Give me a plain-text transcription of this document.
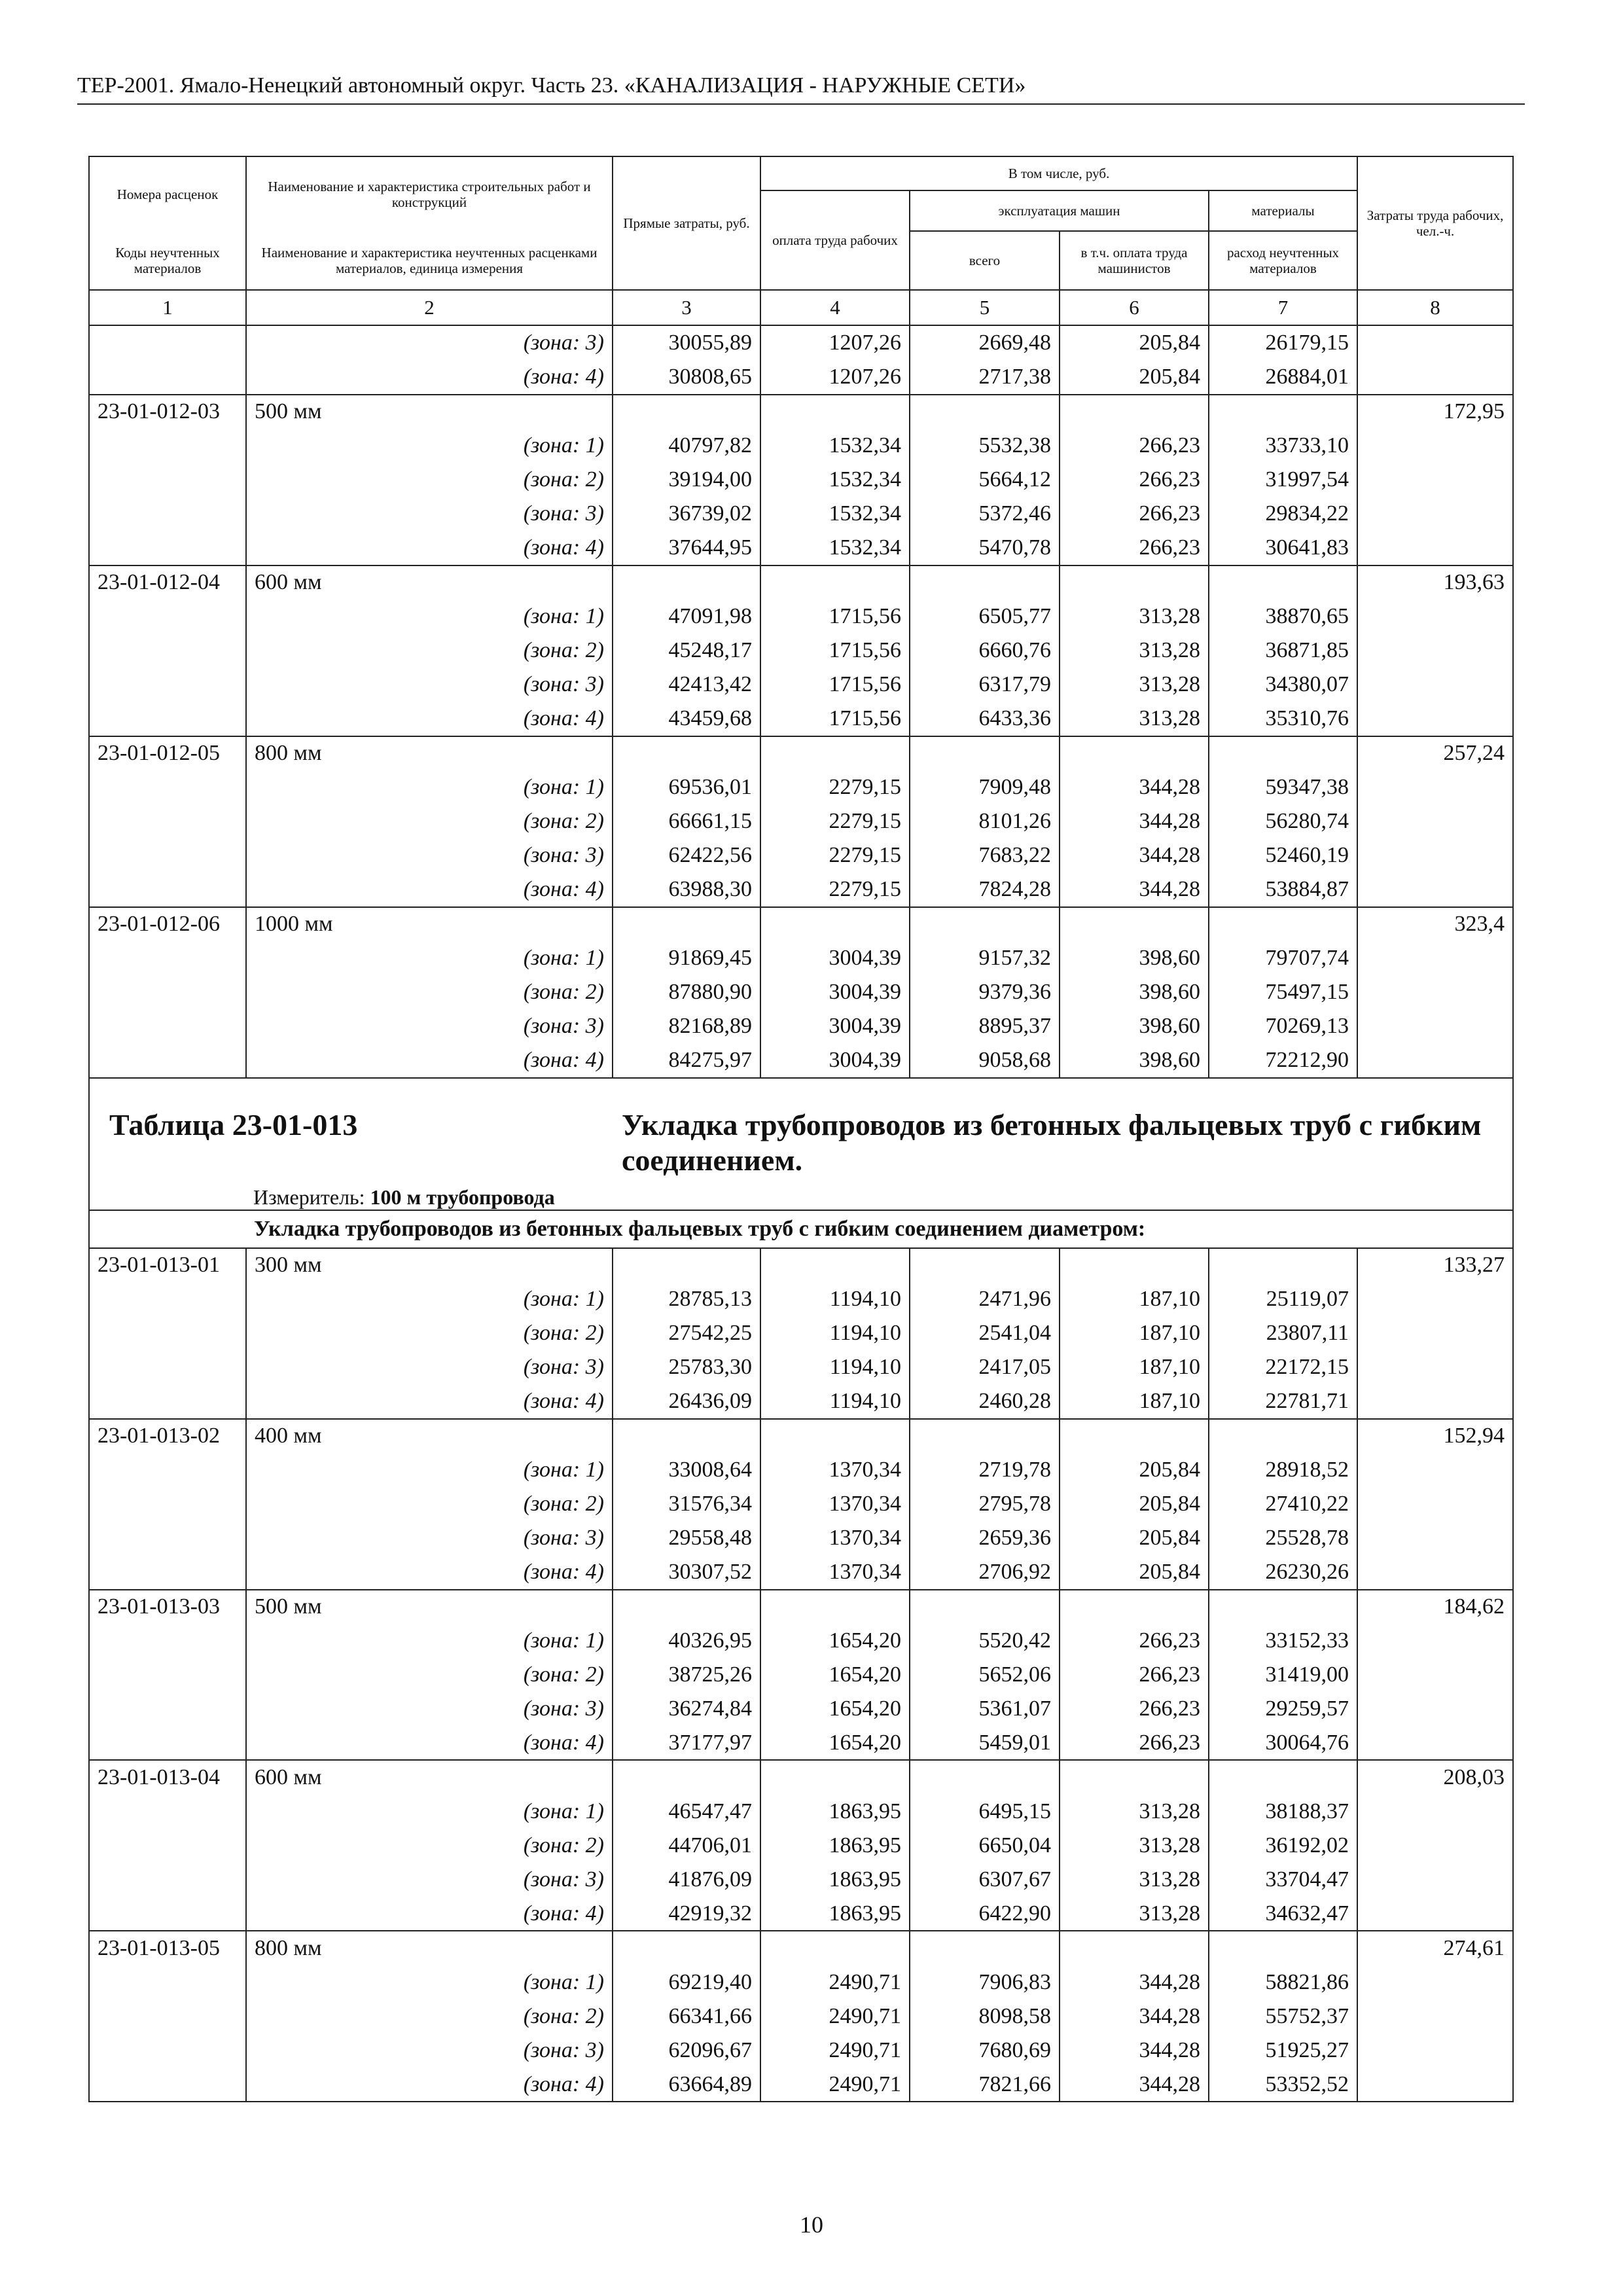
ТЕР-2001. Ямало-Ненецкий автономный округ. Часть 23. «КАНАЛИЗАЦИЯ - НАРУЖНЫЕ СЕТИ»
Номера расценок	Наименование и характеристика строительных работ и конструкций	Прямые затраты, руб.	В том числе, руб.				Затраты труда рабочих, чел.-ч.
			оплата труда рабочих	эксплуатация машин		материалы	
Коды неучтенных материалов	Наименование и характеристика неучтенных расценками материалов, единица измерения			всего	в т.ч. оплата труда машинистов	расход неучтенных материалов	
1	2	3	4	5	6	7	8
	(зона: 3)	30055,89	1207,26	2669,48	205,84	26179,15	
	(зона: 4)	30808,65	1207,26	2717,38	205,84	26884,01	
23-01-012-03	500 мм						172,95
	(зона: 1)	40797,82	1532,34	5532,38	266,23	33733,10	
	(зона: 2)	39194,00	1532,34	5664,12	266,23	31997,54	
	(зона: 3)	36739,02	1532,34	5372,46	266,23	29834,22	
	(зона: 4)	37644,95	1532,34	5470,78	266,23	30641,83	
23-01-012-04	600 мм						193,63
	(зона: 1)	47091,98	1715,56	6505,77	313,28	38870,65	
	(зона: 2)	45248,17	1715,56	6660,76	313,28	36871,85	
	(зона: 3)	42413,42	1715,56	6317,79	313,28	34380,07	
	(зона: 4)	43459,68	1715,56	6433,36	313,28	35310,76	
23-01-012-05	800 мм						257,24
	(зона: 1)	69536,01	2279,15	7909,48	344,28	59347,38	
	(зона: 2)	66661,15	2279,15	8101,26	344,28	56280,74	
	(зона: 3)	62422,56	2279,15	7683,22	344,28	52460,19	
	(зона: 4)	63988,30	2279,15	7824,28	344,28	53884,87	
23-01-012-06	1000 мм						323,4
	(зона: 1)	91869,45	3004,39	9157,32	398,60	79707,74	
	(зона: 2)	87880,90	3004,39	9379,36	398,60	75497,15	
	(зона: 3)	82168,89	3004,39	8895,37	398,60	70269,13	
	(зона: 4)	84275,97	3004,39	9058,68	398,60	72212,90	

Таблица 23-01-013 Укладка трубопроводов из бетонных фальцевых труб с гибким соединением.
Измеритель: 100 м трубопровода							

	Укладка трубопроводов из бетонных фальцевых труб с гибким соединением диаметром:						
23-01-013-01	300 мм						133,27
	(зона: 1)	28785,13	1194,10	2471,96	187,10	25119,07	
	(зона: 2)	27542,25	1194,10	2541,04	187,10	23807,11	
	(зона: 3)	25783,30	1194,10	2417,05	187,10	22172,15	
	(зона: 4)	26436,09	1194,10	2460,28	187,10	22781,71	
23-01-013-02	400 мм						152,94
	(зона: 1)	33008,64	1370,34	2719,78	205,84	28918,52	
	(зона: 2)	31576,34	1370,34	2795,78	205,84	27410,22	
	(зона: 3)	29558,48	1370,34	2659,36	205,84	25528,78	
	(зона: 4)	30307,52	1370,34	2706,92	205,84	26230,26	
23-01-013-03	500 мм						184,62
	(зона: 1)	40326,95	1654,20	5520,42	266,23	33152,33	
	(зона: 2)	38725,26	1654,20	5652,06	266,23	31419,00	
	(зона: 3)	36274,84	1654,20	5361,07	266,23	29259,57	
	(зона: 4)	37177,97	1654,20	5459,01	266,23	30064,76	
23-01-013-04	600 мм						208,03
	(зона: 1)	46547,47	1863,95	6495,15	313,28	38188,37	
	(зона: 2)	44706,01	1863,95	6650,04	313,28	36192,02	
	(зона: 3)	41876,09	1863,95	6307,67	313,28	33704,47	
	(зона: 4)	42919,32	1863,95	6422,90	313,28	34632,47	
23-01-013-05	800 мм						274,61
	(зона: 1)	69219,40	2490,71	7906,83	344,28	58821,86	
	(зона: 2)	66341,66	2490,71	8098,58	344,28	55752,37	
	(зона: 3)	62096,67	2490,71	7680,69	344,28	51925,27	
	(зона: 4)	63664,89	2490,71	7821,66	344,28	53352,52	
10
